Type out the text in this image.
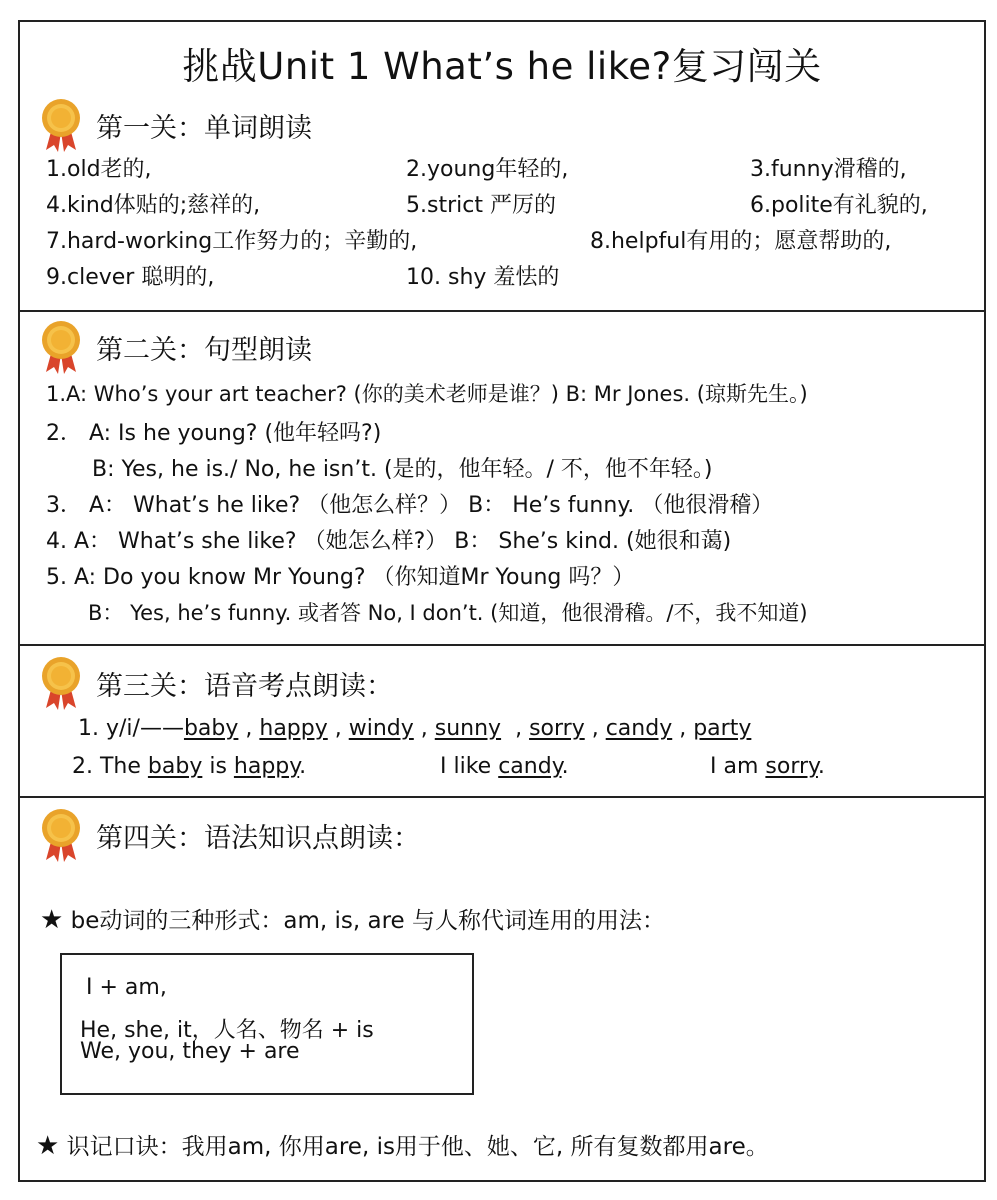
挑战Unit 1 What’s he like?复习闯关
第一关：单词朗读
1.old老的,	2.young年轻的,	3.funny滑稽的,
4.kind体贴的;慈祥的,	5.strict 严厉的	6.polite有礼貌的,
7.hard-working工作努力的；辛勤的,	8.helpful有用的；愿意帮助的,
9.clever 聪明的,	10. shy 羞怯的
第二关：句型朗读
1.A: Who’s your art teacher? (你的美术老师是谁？) B: Mr Jones. (琼斯先生。)
2． A: Is he young? (他年轻吗?)
B: Yes, he is./ No, he isn’t. (是的，他年轻。/ 不，他不年轻。)
3． A： What’s he like? （他怎么样？） B： He’s funny. （他很滑稽）
4. A： What’s she like? （她怎么样?） B： She’s kind. (她很和蔼)
5. A: Do you know Mr Young? （你知道Mr Young 吗？）
B： Yes, he’s funny. 或者答 No, I don’t. (知道，他很滑稽。/不，我不知道)
第三关：语音考点朗读：
1. y/i/——baby , happy , windy , sunny  , sorry , candy , party
2. The baby is happy.	I like candy.	I am sorry.
第四关：语法知识点朗读：
★ be动词的三种形式：am, is, are 与人称代词连用的用法：
I + am,
He, she, it，人名、物名 + is
We, you, they + are
★ 识记口诀：我用am, 你用are, is用于他、她、它, 所有复数都用are。
